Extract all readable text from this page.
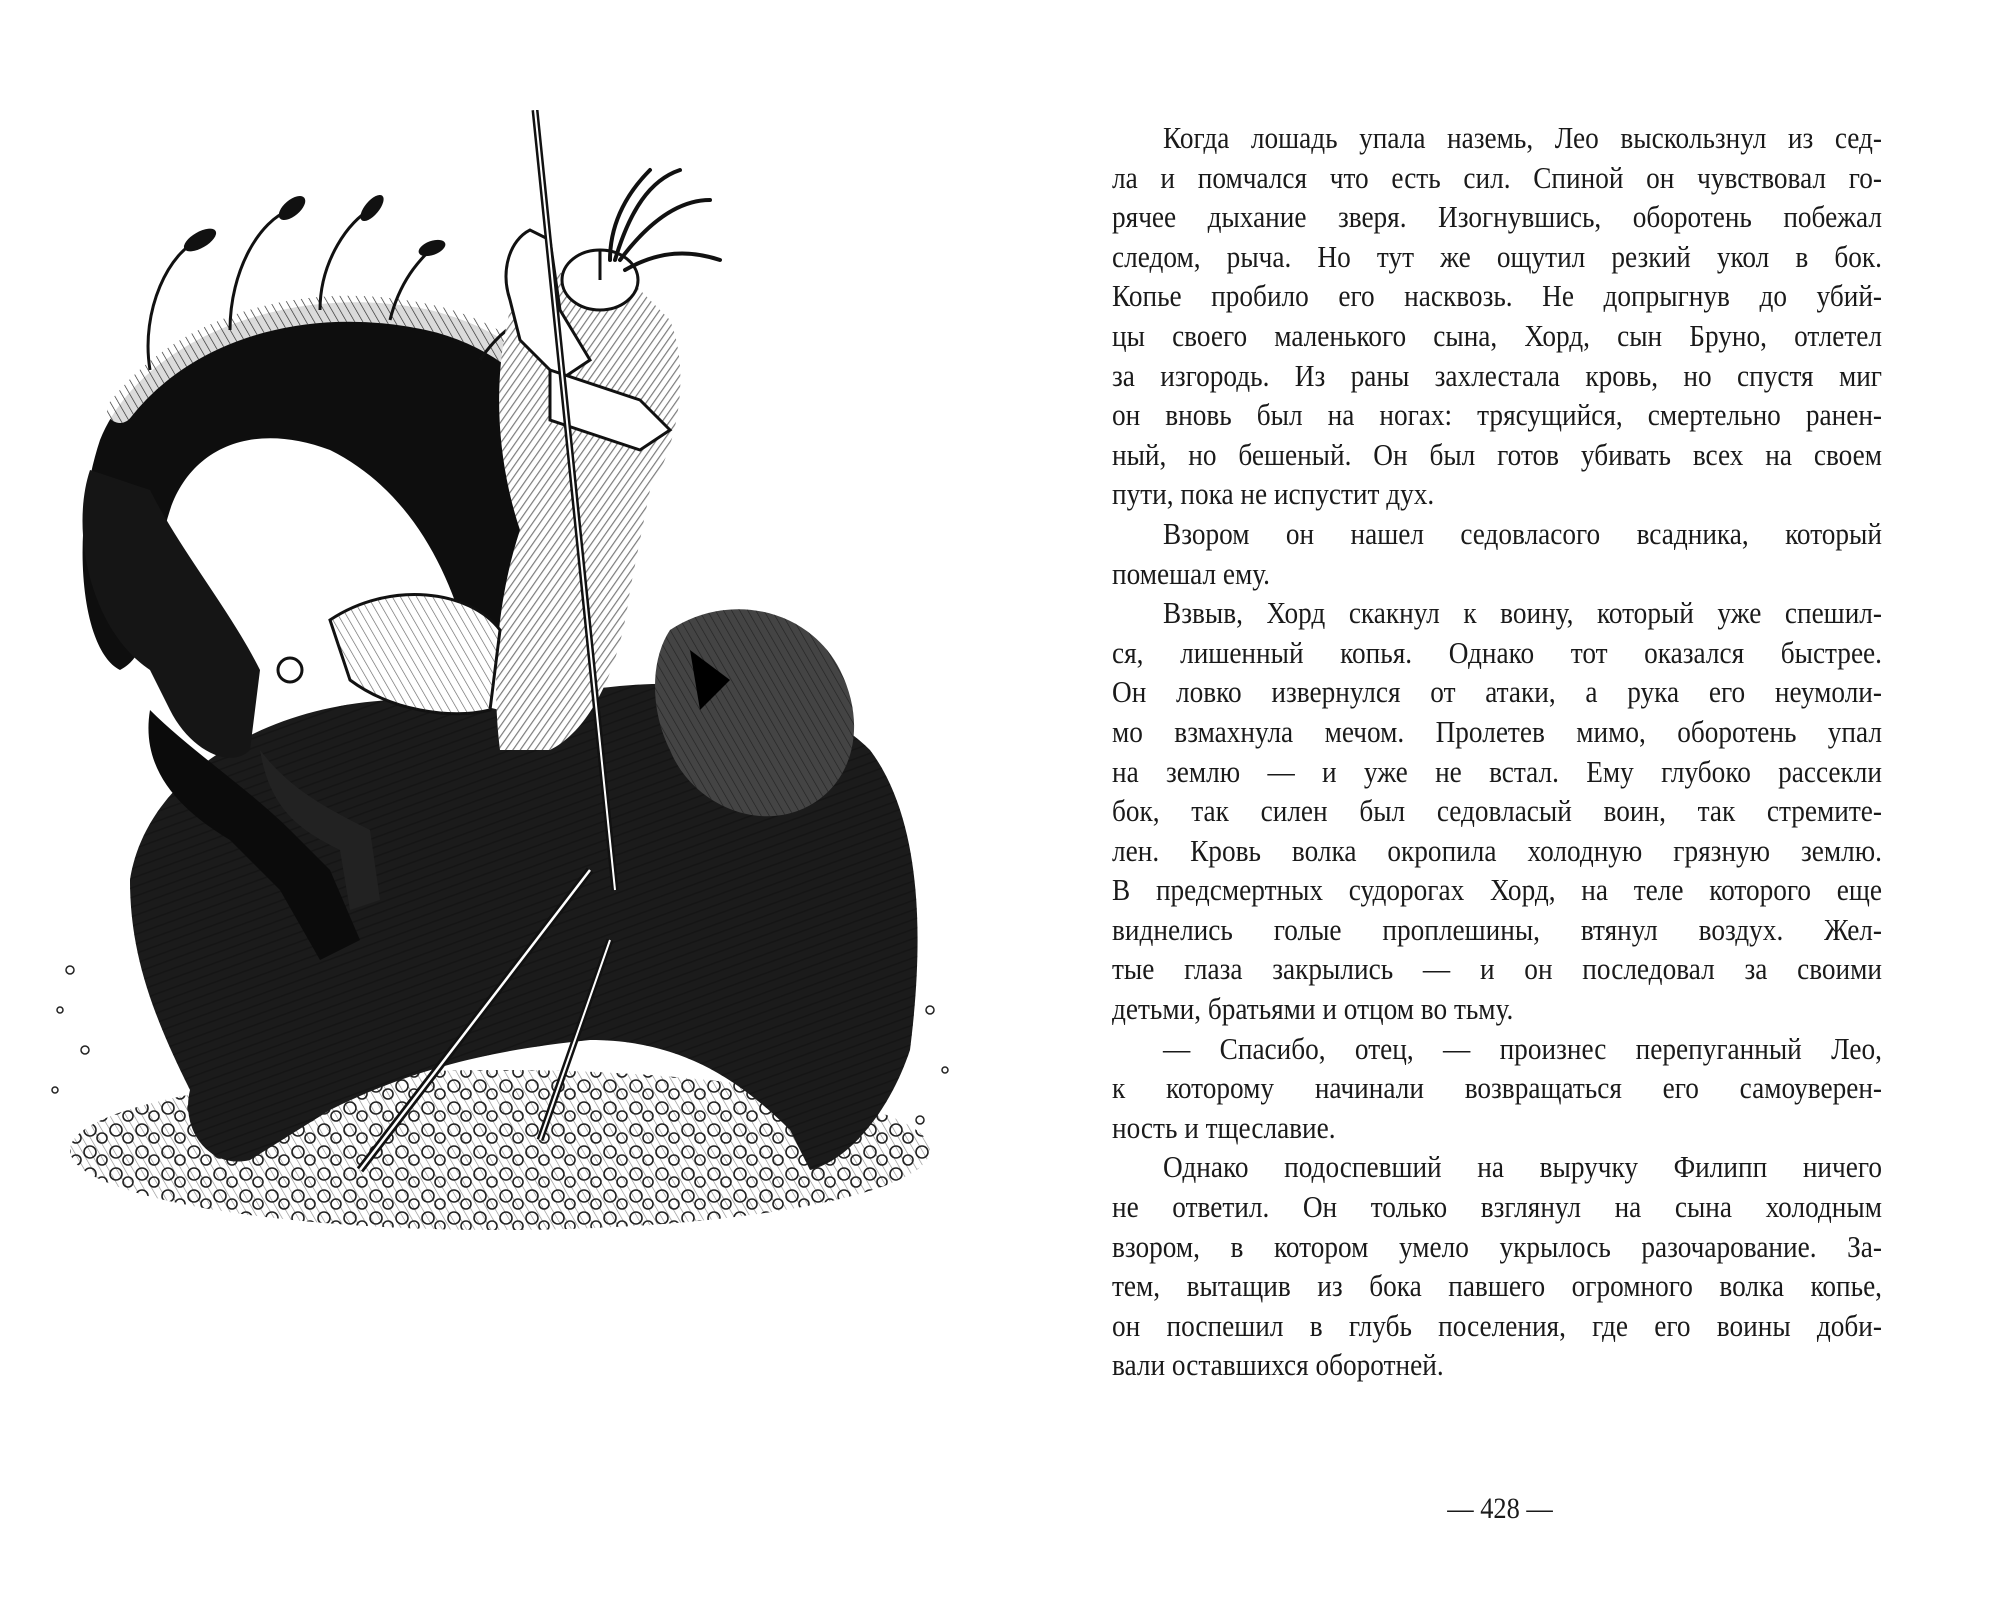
Когда лошадь упала наземь, Лео выскользнул из сед-
ла и помчался что есть сил. Спиной он чувствовал го-
рячее дыхание зверя. Изогнувшись, оборотень побежал
следом, рыча. Но тут же ощутил резкий укол в бок.
Копье пробило его насквозь. Не допрыгнув до убий-
цы своего маленького сына, Хорд, сын Бруно, отлетел
за изгородь. Из раны захлестала кровь, но спустя миг
он вновь был на ногах: трясущийся, смертельно ранен-
ный, но бешеный. Он был готов убивать всех на своем
пути, пока не испустит дух.
Взором он нашел седовласого всадника, который
помешал ему.
Взвыв, Хорд скакнул к воину, который уже спешил-
ся, лишенный копья. Однако тот оказался быстрее.
Он ловко извернулся от атаки, а рука его неумоли-
мо взмахнула мечом. Пролетев мимо, оборотень упал
на землю — и уже не встал. Ему глубоко рассекли
бок, так силен был седовласый воин, так стремите-
лен. Кровь волка окропила холодную грязную землю.
В предсмертных судорогах Хорд, на теле которого еще
виднелись голые проплешины, втянул воздух. Жел-
тые глаза закрылись — и он последовал за своими
детьми, братьями и отцом во тьму.
— Спасибо, отец, — произнес перепуганный Лео,
к которому начинали возвращаться его самоуверен-
ность и тщеславие.
Однако подоспевший на выручку Филипп ничего
не ответил. Он только взглянул на сына холодным
взором, в котором умело укрылось разочарование. За-
тем, вытащив из бока павшего огромного волка копье,
он поспешил в глубь поселения, где его воины доби-
вали оставшихся оборотней.
— 428 —
